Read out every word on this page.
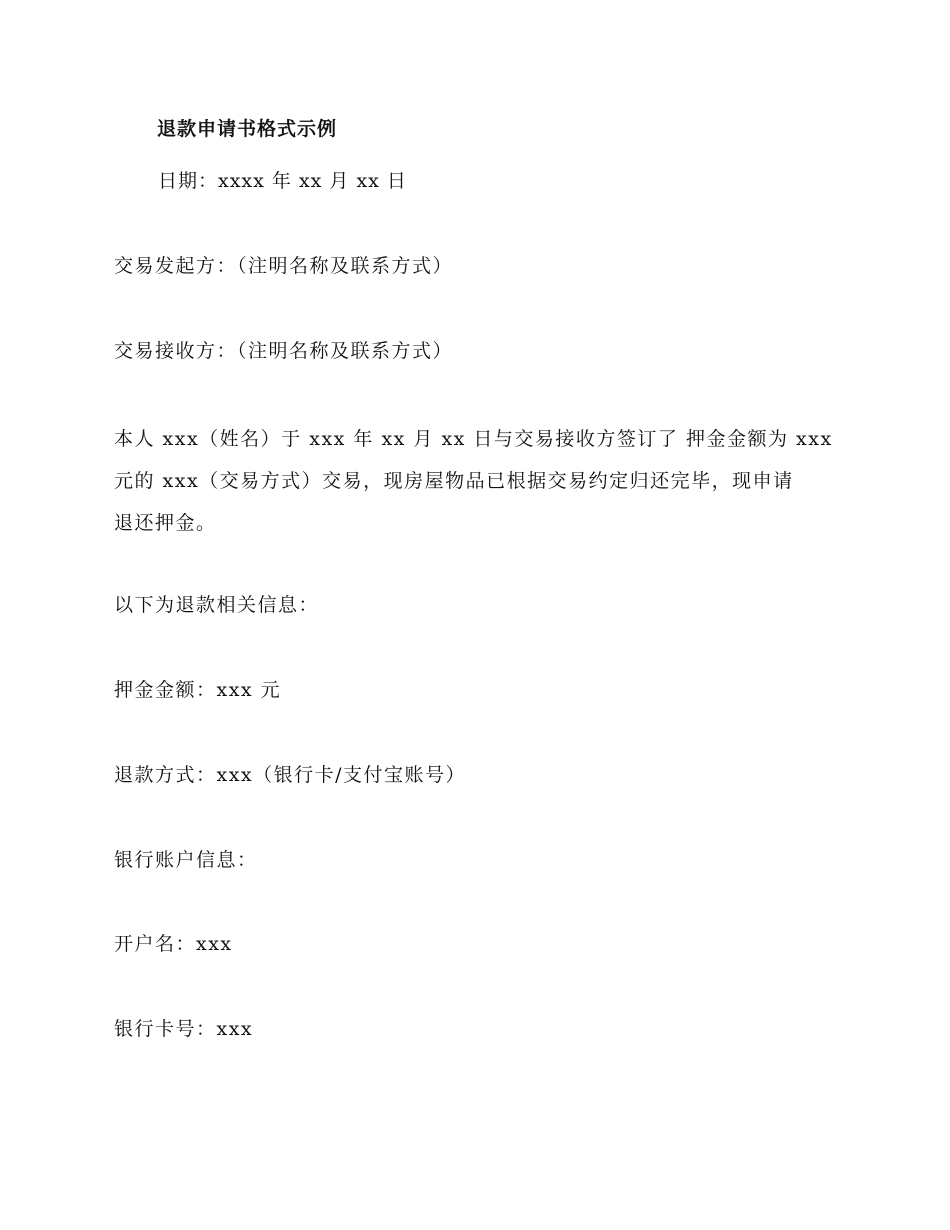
退款申请书格式示例
日期：xxxx 年 xx 月 xx 日
交易发起方：（注明名称及联系方式）
交易接收方：（注明名称及联系方式）
本人 xxx（姓名）于 xxx 年 xx 月 xx 日与交易接收方签订了 押金金额为 xxx
元的 xxx（交易方式）交易，现房屋物品已根据交易约定归还完毕，现申请
退还押金。
以下为退款相关信息：
押金金额：xxx 元
退款方式：xxx（银行卡/支付宝账号）
银行账户信息：
开户名：xxx
银行卡号：xxx
